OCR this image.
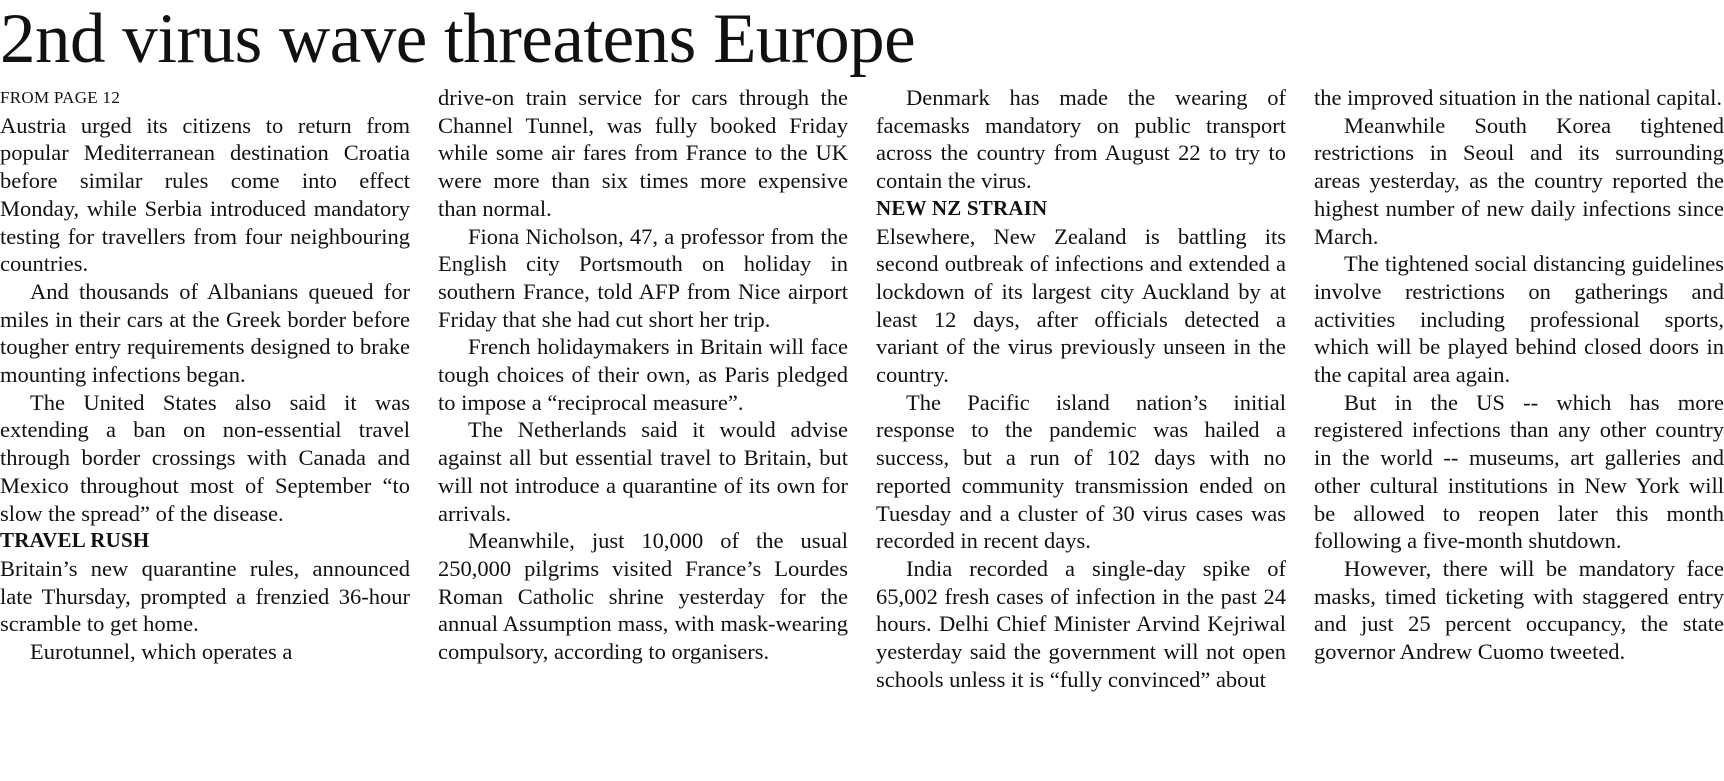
2nd virus wave threatens Europe
FROM PAGE 12

Austria urged its citizens to return from popular Mediterranean destination Croatia before similar rules come into effect Monday, while Serbia introduced mandatory testing for travellers from four neighbouring countries.

And thousands of Albanians queued for miles in their cars at the Greek border before tougher entry requirements designed to brake mounting infections began.

The United States also said it was extending a ban on non-essential travel through border crossings with Canada and Mexico throughout most of September “to slow the spread” of the disease.

TRAVEL RUSH

Britain’s new quarantine rules, announced late Thursday, prompted a frenzied 36-hour scramble to get home.

Eurotunnel, which operates a

drive-on train service for cars through the Channel Tunnel, was fully booked Friday while some air fares from France to the UK were more than six times more expensive than normal.

Fiona Nicholson, 47, a professor from the English city Portsmouth on holiday in southern France, told AFP from Nice airport Friday that she had cut short her trip.

French holidaymakers in Britain will face tough choices of their own, as Paris pledged to impose a “reciprocal measure”.

The Netherlands said it would advise against all but essential travel to Britain, but will not introduce a quarantine of its own for arrivals.

Meanwhile, just 10,000 of the usual 250,000 pilgrims visited France’s Lourdes Roman Catholic shrine yesterday for the annual Assumption mass, with mask-wearing compulsory, according to organisers.

Denmark has made the wearing of facemasks mandatory on public transport across the country from August 22 to try to contain the virus.

NEW NZ STRAIN

Elsewhere, New Zealand is battling its second outbreak of infections and extended a lockdown of its largest city Auckland by at least 12 days, after officials detected a variant of the virus previously unseen in the country.

The Pacific island nation’s initial response to the pandemic was hailed a success, but a run of 102 days with no reported community transmission ended on Tuesday and a cluster of 30 virus cases was recorded in recent days.

India recorded a single-day spike of 65,002 fresh cases of infection in the past 24 hours. Delhi Chief Minister Arvind Kejriwal yesterday said the government will not open schools unless it is “fully convinced” about

the improved situation in the national capital.

Meanwhile South Korea tightened restrictions in Seoul and its surrounding areas yesterday, as the country reported the highest number of new daily infections since March.

The tightened social distancing guidelines involve restrictions on gatherings and activities including professional sports, which will be played behind closed doors in the capital area again.

But in the US -- which has more registered infections than any other country in the world -- museums, art galleries and other cultural institutions in New York will be allowed to reopen later this month following a five-month shutdown.

However, there will be mandatory face masks, timed ticketing with staggered entry and just 25 percent occupancy, the state governor Andrew Cuomo tweeted.
